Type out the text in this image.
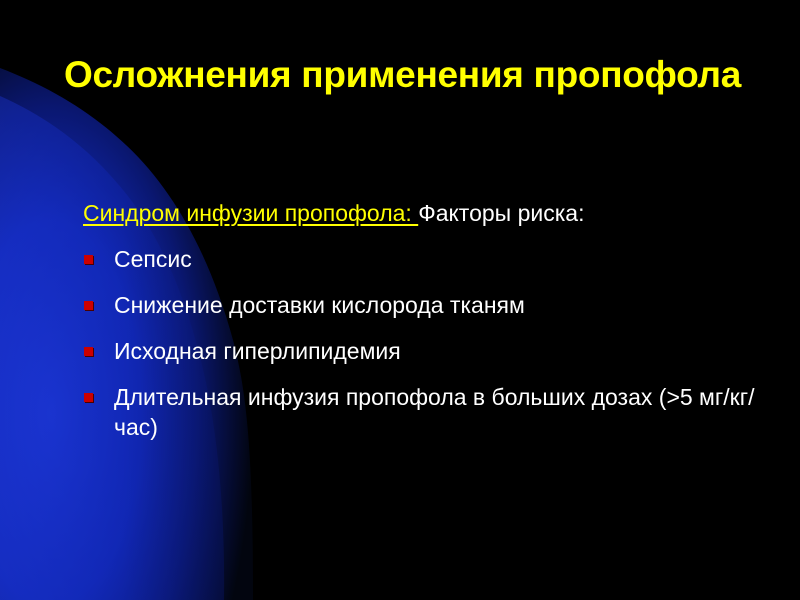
Осложнения применения пропофола

Синдром инфузии пропофола: Факторы риска:

Сепсис
Снижение доставки кислорода тканям
Исходная гиперлипидемия
Длительная инфузия пропофола в больших дозах (>5 мг/кг/час)
